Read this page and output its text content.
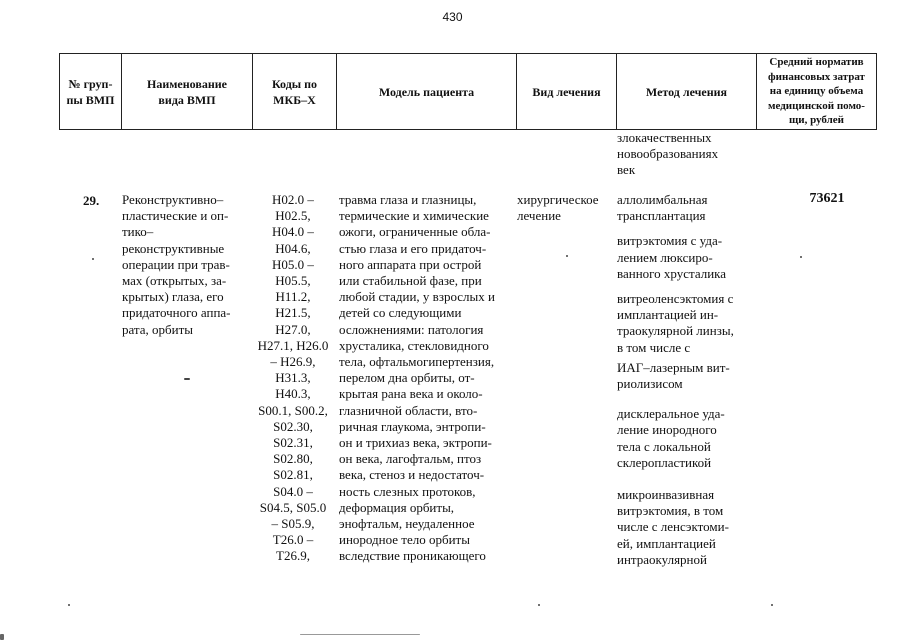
430
№ груп-
пы ВМП
Наименование
вида ВМП
Коды по
МКБ–Х
Модель пациента	Вид лечения	Метод лечения
Средний норматив
финансовых затрат
на единицу объема
медицинской помо-
щи, рублей
злокачественных
новообразованиях
век
29. Реконструктивно–
пластические и оп-
тико–
реконструктивные
операции при трав-
мах (открытых, за-
крытых) глаза, его
придаточного аппа-
рата, орбиты
H02.0 –
H02.5,
H04.0 –
H04.6,
H05.0 –
H05.5,
H11.2,
H21.5,
H27.0,
H27.1, H26.0
– H26.9,
H31.3,
H40.3,
S00.1, S00.2,
S02.30,
S02.31,
S02.80,
S02.81,
S04.0 –
S04.5, S05.0
– S05.9,
T26.0 –
T26.9,
травма глаза и глазницы,
термические и химические
ожоги, ограниченные обла-
стью глаза и его придаточ-
ного аппарата при острой
или стабильной фазе, при
любой стадии, у взрослых и
детей со следующими
осложнениями: патология
хрусталика, стекловидного
тела, офтальмогипертензия,
перелом дна орбиты, от-
крытая рана века и около-
глазничной области, вто-
ричная глаукома, энтропи-
он и трихиаз века, эктропи-
он века, лагофтальм, птоз
века, стеноз и недостаточ-
ность слезных протоков,
деформация орбиты,
энофтальм, неудаленное
инородное тело орбиты
вследствие проникающего
хирургическое
лечение
аллолимбальная
трансплантация
витрэктомия с уда-
лением люксиро-
ванного хрусталика
витреоленсэктомия с
имплантацией ин-
траокулярной линзы,
в том числе с
ИАГ–лазерным вит-
риолизисом
дисклеральное уда-
ление инородного
тела с локальной
склеропластикой
микроинвазивная
витрэктомия, в том
числе с ленсэктоми-
ей, имплантацией
интраокулярной
73621
